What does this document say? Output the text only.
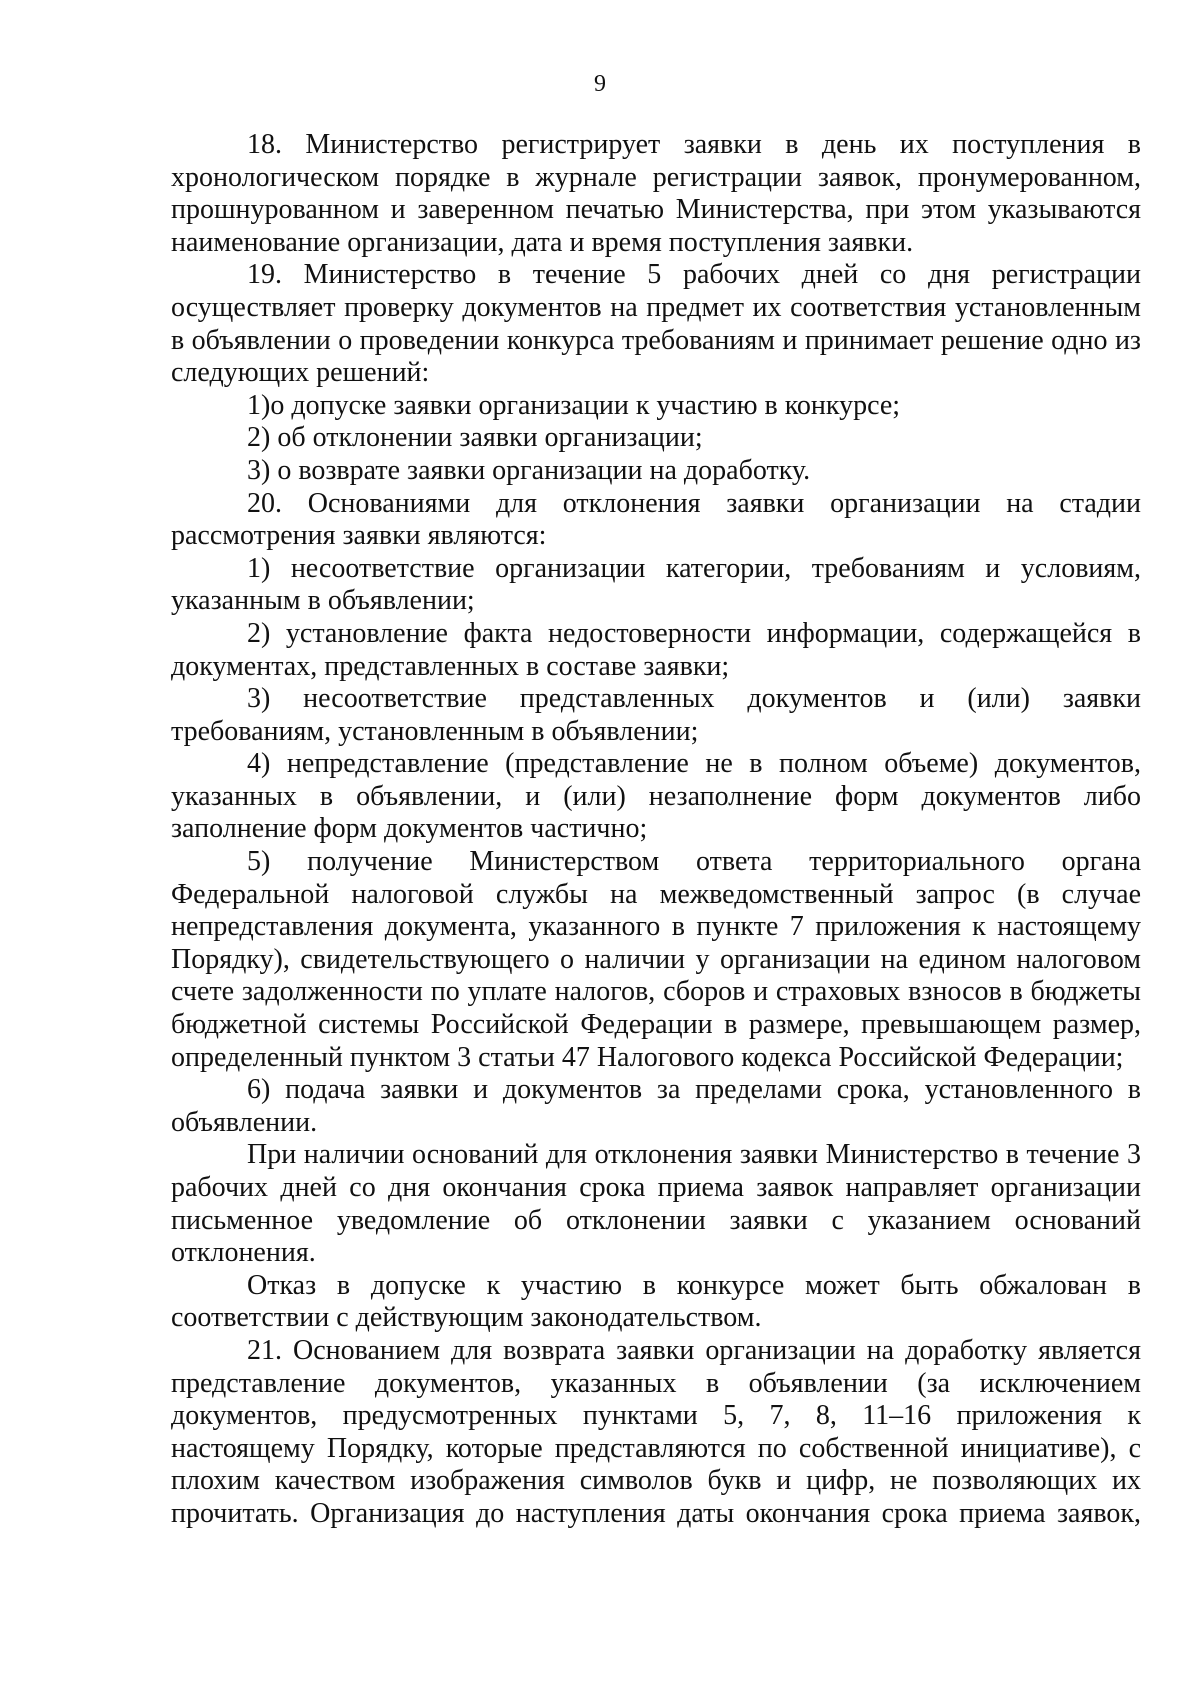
9

18. Министерство регистрирует заявки в день их поступления в хронологическом порядке в журнале регистрации заявок, пронумерованном, прошнурованном и заверенном печатью Министерства, при этом указываются наименование организации, дата и время поступления заявки.

19. Министерство в течение 5 рабочих дней со дня регистрации осуществляет проверку документов на предмет их соответствия установленным в объявлении о проведении конкурса требованиям и принимает решение одно из следующих решений:

1)о допуске заявки организации к участию в конкурсе;

2) об отклонении заявки организации;

3) о возврате заявки организации на доработку.

20. Основаниями для отклонения заявки организации на стадии рассмотрения заявки являются:

1) несоответствие организации категории, требованиям и условиям, указанным в объявлении;

2) установление факта недостоверности информации, содержащейся в документах, представленных в составе заявки;

3) несоответствие представленных документов и (или) заявки требованиям, установленным в объявлении;

4) непредставление (представление не в полном объеме) документов, указанных в объявлении, и (или) незаполнение форм документов либо заполнение форм документов частично;

5) получение Министерством ответа территориального органа Федеральной налоговой службы на межведомственный запрос (в случае непредставления документа, указанного в пункте 7 приложения к настоящему Порядку), свидетельствующего о наличии у организации на едином налоговом счете задолженности по уплате налогов, сборов и страховых взносов в бюджеты бюджетной системы Российской Федерации в размере, превышающем размер, определенный пунктом 3 статьи 47 Налогового кодекса Российской Федерации;

6) подача заявки и документов за пределами срока, установленного в объявлении.

При наличии оснований для отклонения заявки Министерство в течение 3 рабочих дней со дня окончания срока приема заявок направляет организации письменное уведомление об отклонении заявки с указанием оснований отклонения.

Отказ в допуске к участию в конкурсе может быть обжалован в соответствии с действующим законодательством.

21. Основанием для возврата заявки организации на доработку является представление документов, указанных в объявлении (за исключением документов, предусмотренных пунктами 5, 7, 8, 11–16 приложения к настоящему Порядку, которые представляются по собственной инициативе), с плохим качеством изображения символов букв и цифр, не позволяющих их прочитать. Организация до наступления даты окончания срока приема заявок,
